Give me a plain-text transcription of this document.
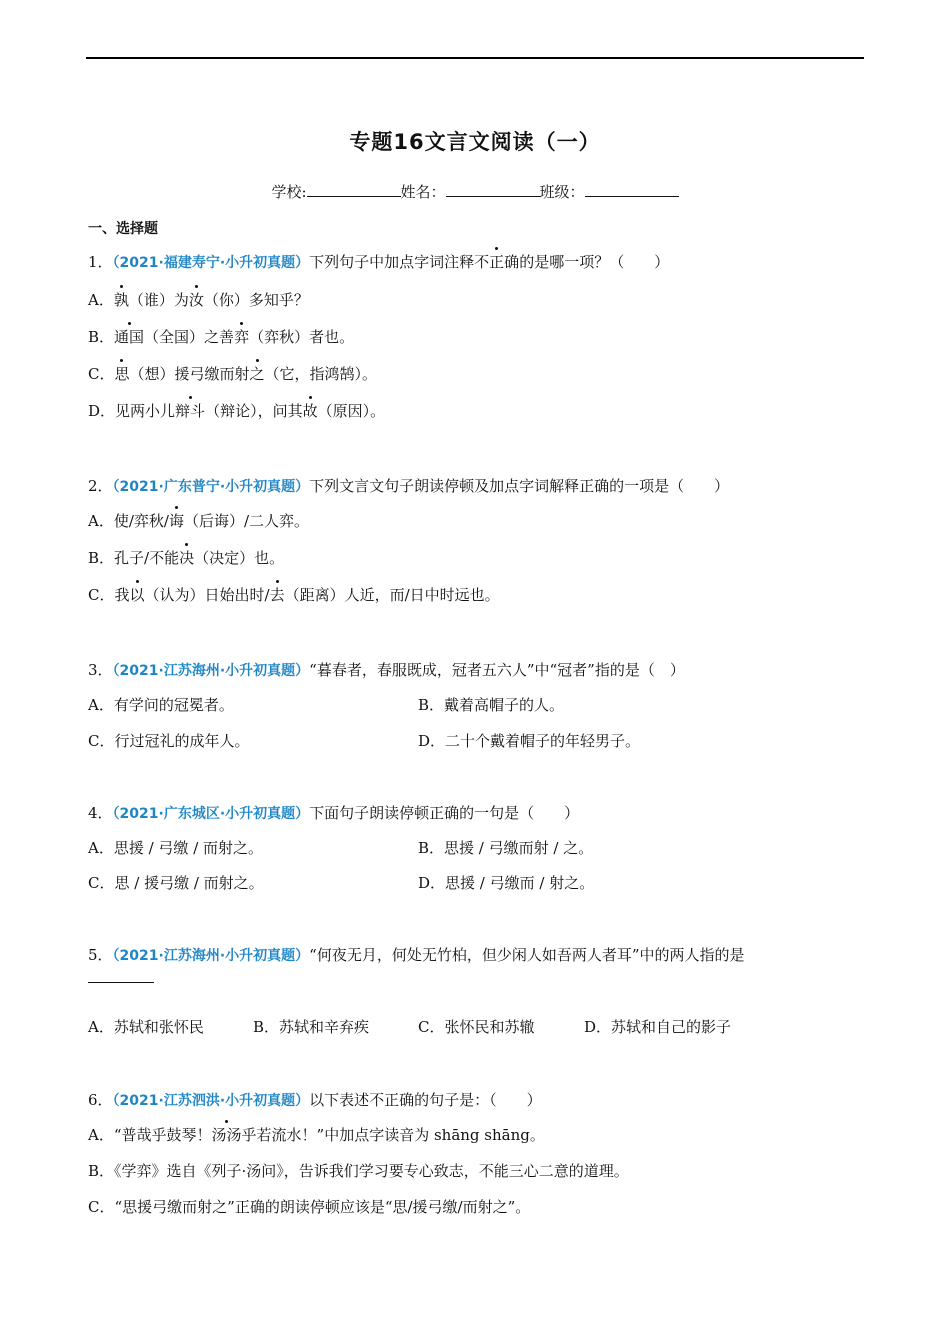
专题16文言文阅读（一）
学校:	姓名：	班级：
一、选择题
1．（2021·福建寿宁·小升初真题）下列句子中加点字词注释不正确的是哪一项？（　　）
A．孰（谁）为汝（你）多知乎？
B．通国（全国）之善弈（弈秋）者也。
C．思（想）援弓缴而射之（它，指鸿鹄）。
D．见两小儿辩斗（辩论），问其故（原因）。
2．（2021·广东普宁·小升初真题）下列文言文句子朗读停顿及加点字词解释正确的一项是（　　）
A．使/弈秋/诲（后诲）/二人弈。
B．孔子/不能决（决定）也。
C．我以（认为）日始出时/去（距离）人近，而/日中时远也。
3．（2021·江苏海州·小升初真题）“暮春者，春服既成，冠者五六人”中“冠者”指的是（　）
A．有学问的冠冕者。	B．戴着高帽子的人。
C．行过冠礼的成年人。	D．二十个戴着帽子的年轻男子。
4．（2021·广东城区·小升初真题）下面句子朗读停顿正确的一句是（　　）
A．思援 / 弓缴 / 而射之。	B．思援 / 弓缴而射 / 之。
C．思 / 援弓缴 / 而射之。	D．思援 / 弓缴而 / 射之。
5．（2021·江苏海州·小升初真题）“何夜无月，何处无竹柏，但少闲人如吾两人者耳”中的两人指的是
A．苏轼和张怀民	B．苏轼和辛弃疾	C．张怀民和苏辙	D．苏轼和自己的影子
6．（2021·江苏泗洪·小升初真题）以下表述不正确的句子是：（　　）
A．“普哉乎鼓琴！汤汤乎若流水！”中加点字读音为 shāng shāng。
B．《学弈》选自《列子·汤问》，告诉我们学习要专心致志，不能三心二意的道理。
C．“思援弓缴而射之”正确的朗读停顿应该是“思/援弓缴/而射之”。
